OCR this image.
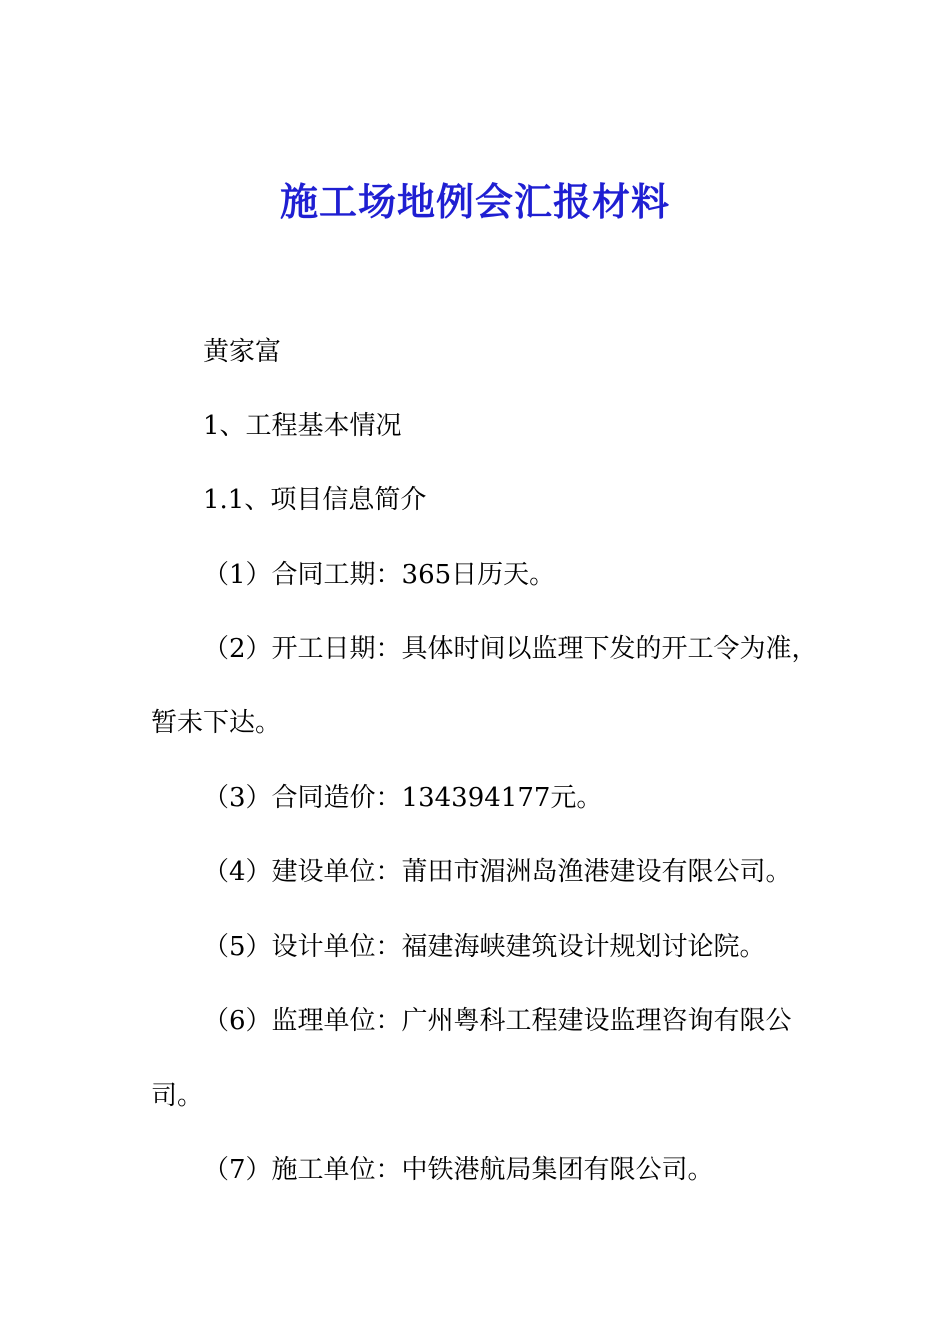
施工场地例会汇报材料
黄家富
1、工程基本情况
1.1、项目信息简介
（1）合同工期：365日历天。
（2）开工日期：具体时间以监理下发的开工令为准，
暂未下达。
（3）合同造价：134394177元。
（4）建设单位：莆田市湄洲岛渔港建设有限公司。
（5）设计单位：福建海峡建筑设计规划讨论院。
（6）监理单位：广州粤科工程建设监理咨询有限公
司。
（7）施工单位：中铁港航局集团有限公司。
